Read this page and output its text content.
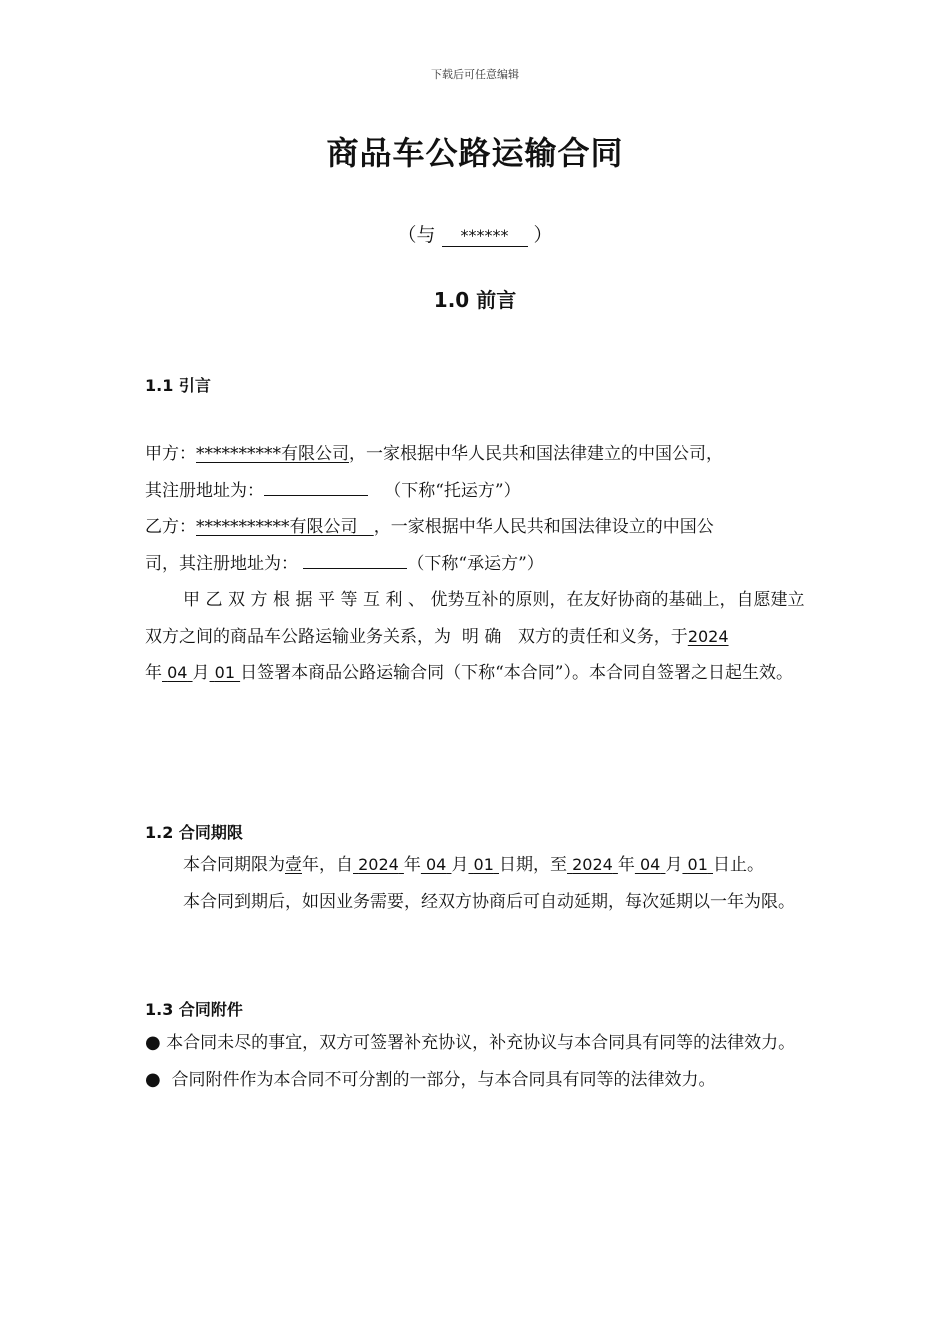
下载后可任意编辑
商品车公路运输合同
（与 ****** ）
1.0 前言
1.1 引言

甲方：**********有限公司，一家根据中华人民共和国法律建立的中国公司，

其注册地址为：	（下称“托运方”）

乙方：***********有限公司 ，一家根据中华人民共和国法律设立的中国公

司，其注册地址为：	（下称“承运方”）

甲乙双方根据平等互利、优势互补的原则，在友好协商的基础上，自愿建立双方之间的商品车公路运输业务关系，为 明确 双方的责任和义务，于2024年 04 月 01 日签署本商品公路运输合同（下称“本合同”）。本合同自签署之日起生效。

1.2 合同期限

本合同期限为壹年，自 2024 年 04 月 01 日期，至 2024 年 04 月 01 日止。

本合同到期后，如因业务需要，经双方协商后可自动延期，每次延期以一年为限。

1.3 合同附件

● 本合同未尽的事宜，双方可签署补充协议，补充协议与本合同具有同等的法律效力。

● 合同附件作为本合同不可分割的一部分，与本合同具有同等的法律效力。
